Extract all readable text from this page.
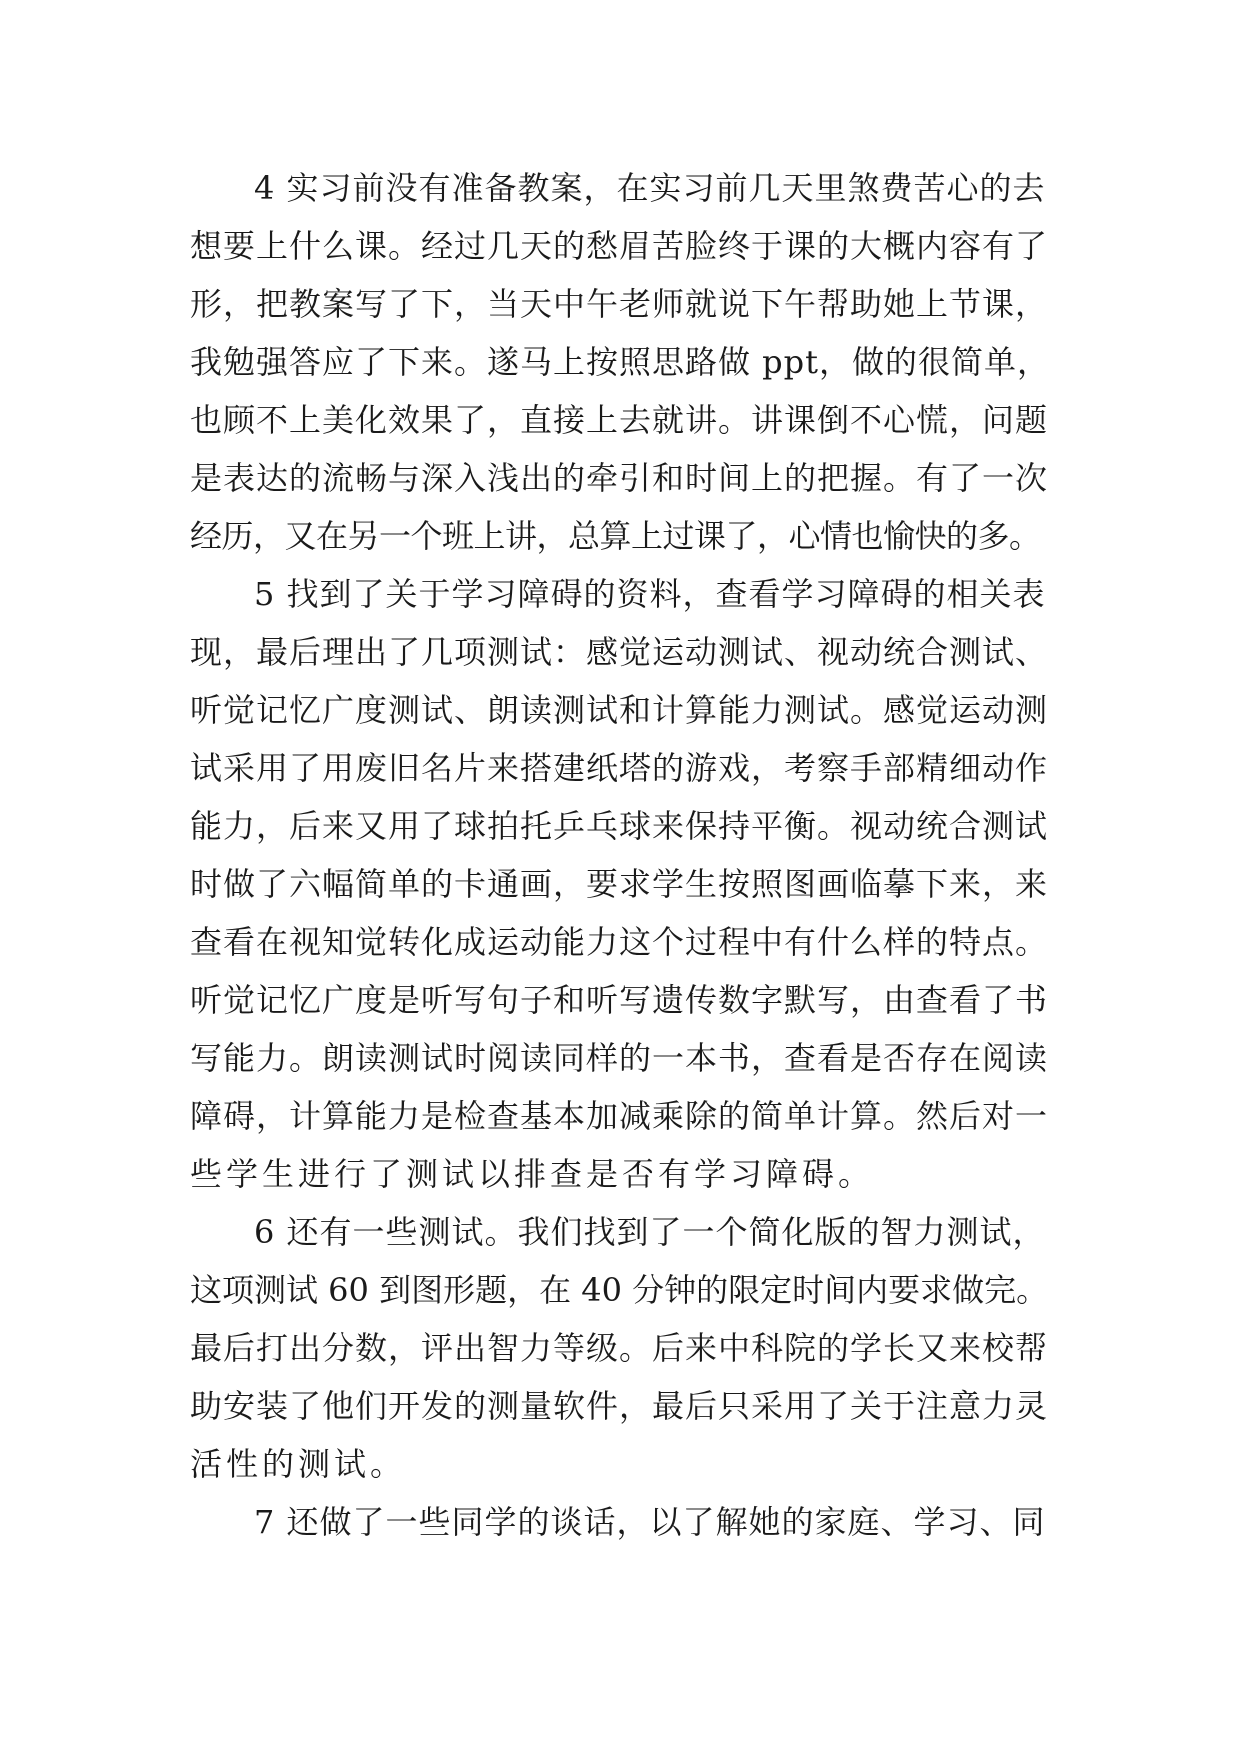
4 实习前没有准备教案，在实习前几天里煞费苦心的去
想要上什么课。经过几天的愁眉苦脸终于课的大概内容有了
形，把教案写了下，当天中午老师就说下午帮助她上节课，
我勉强答应了下来。遂马上按照思路做 ppt，做的很简单，
也顾不上美化效果了，直接上去就讲。讲课倒不心慌，问题
是表达的流畅与深入浅出的牵引和时间上的把握。有了一次
经历，又在另一个班上讲，总算上过课了，心情也愉快的多。
5 找到了关于学习障碍的资料，查看学习障碍的相关表
现，最后理出了几项测试：感觉运动测试、视动统合测试、
听觉记忆广度测试、朗读测试和计算能力测试。感觉运动测
试采用了用废旧名片来搭建纸塔的游戏，考察手部精细动作
能力，后来又用了球拍托乒乓球来保持平衡。视动统合测试
时做了六幅简单的卡通画，要求学生按照图画临摹下来，来
查看在视知觉转化成运动能力这个过程中有什么样的特点。
听觉记忆广度是听写句子和听写遗传数字默写，由查看了书
写能力。朗读测试时阅读同样的一本书，查看是否存在阅读
障碍，计算能力是检查基本加减乘除的简单计算。然后对一
些学生进行了测试以排查是否有学习障碍。
6 还有一些测试。我们找到了一个简化版的智力测试，
这项测试 60 到图形题，在 40 分钟的限定时间内要求做完。
最后打出分数，评出智力等级。后来中科院的学长又来校帮
助安装了他们开发的测量软件，最后只采用了关于注意力灵
活性的测试。
7 还做了一些同学的谈话，以了解她的家庭、学习、同
